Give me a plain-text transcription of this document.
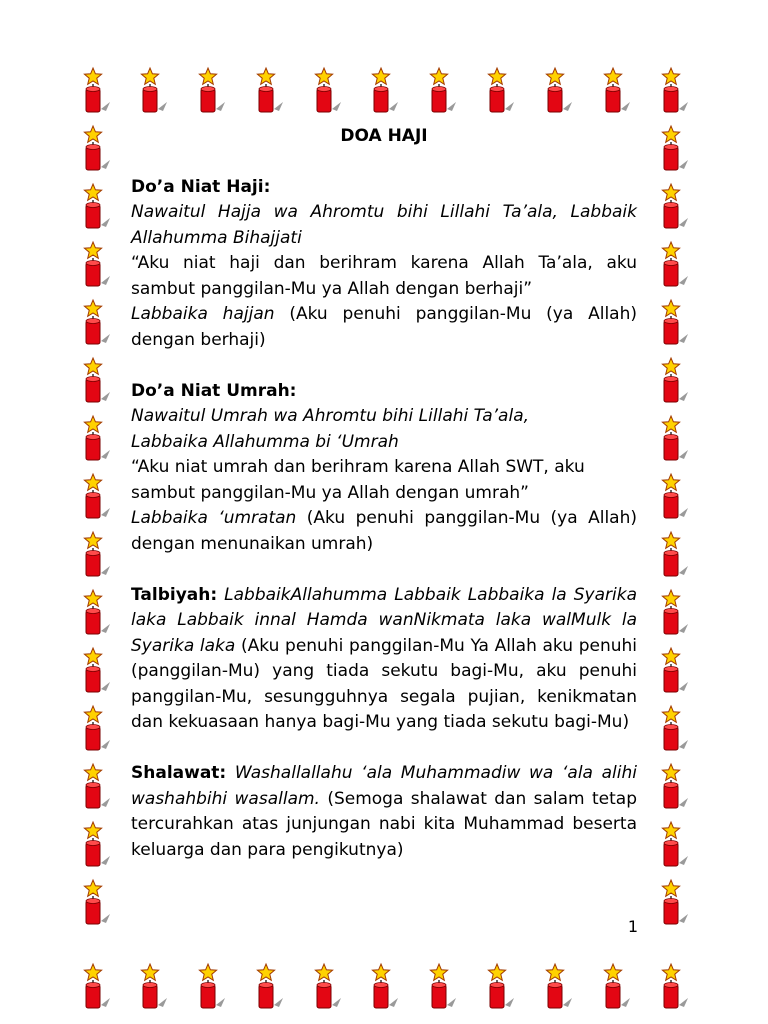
DOA HAJI

Do’a Niat Haji:

Nawaitul Hajja wa Ahromtu bihi Lillahi Ta’ala, Labbaik Allahumma Bihajjati

“Aku niat haji dan berihram karena Allah Ta’ala, aku sambut panggilan-Mu ya Allah dengan berhaji”

Labbaika hajjan (Aku penuhi panggilan-Mu (ya Allah) dengan berhaji)

Do’a Niat Umrah:

Nawaitul Umrah wa Ahromtu bihi Lillahi Ta’ala,

Labbaika Allahumma bi ‘Umrah

“Aku niat umrah dan berihram karena Allah SWT, aku

sambut panggilan-Mu ya Allah dengan umrah”

Labbaika ‘umratan (Aku penuhi panggilan-Mu (ya Allah) dengan menunaikan umrah)

Talbiyah: LabbaikAllahumma Labbaik Labbaika la Syarika laka Labbaik innal Hamda wanNikmata laka walMulk la Syarika laka (Aku penuhi panggilan-Mu Ya Allah aku penuhi (panggilan-Mu) yang tiada sekutu bagi-Mu, aku penuhi panggilan-Mu, sesungguhnya segala pujian, kenikmatan dan kekuasaan hanya bagi-Mu yang tiada sekutu bagi-Mu)

Shalawat: Washallallahu ‘ala Muhammadiw wa ‘ala alihi washahbihi wasallam. (Semoga shalawat dan salam tetap tercurahkan atas junjungan nabi kita Muhammad beserta keluarga dan para pengikutnya)

1
